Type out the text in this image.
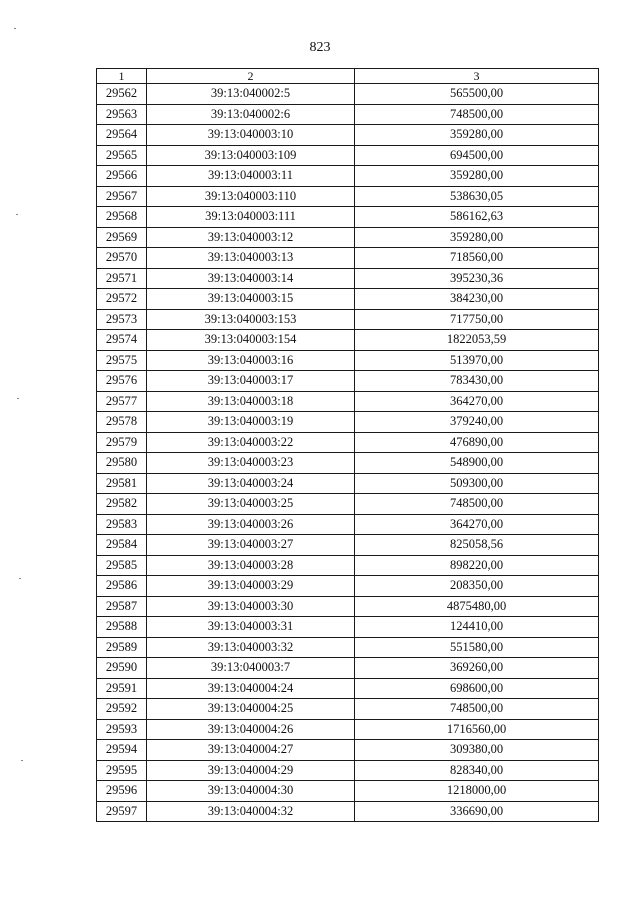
823
1	2	3
29562	39:13:040002:5	565500,00
29563	39:13:040002:6	748500,00
29564	39:13:040003:10	359280,00
29565	39:13:040003:109	694500,00
29566	39:13:040003:11	359280,00
29567	39:13:040003:110	538630,05
29568	39:13:040003:111	586162,63
29569	39:13:040003:12	359280,00
29570	39:13:040003:13	718560,00
29571	39:13:040003:14	395230,36
29572	39:13:040003:15	384230,00
29573	39:13:040003:153	717750,00
29574	39:13:040003:154	1822053,59
29575	39:13:040003:16	513970,00
29576	39:13:040003:17	783430,00
29577	39:13:040003:18	364270,00
29578	39:13:040003:19	379240,00
29579	39:13:040003:22	476890,00
29580	39:13:040003:23	548900,00
29581	39:13:040003:24	509300,00
29582	39:13:040003:25	748500,00
29583	39:13:040003:26	364270,00
29584	39:13:040003:27	825058,56
29585	39:13:040003:28	898220,00
29586	39:13:040003:29	208350,00
29587	39:13:040003:30	4875480,00
29588	39:13:040003:31	124410,00
29589	39:13:040003:32	551580,00
29590	39:13:040003:7	369260,00
29591	39:13:040004:24	698600,00
29592	39:13:040004:25	748500,00
29593	39:13:040004:26	1716560,00
29594	39:13:040004:27	309380,00
29595	39:13:040004:29	828340,00
29596	39:13:040004:30	1218000,00
29597	39:13:040004:32	336690,00
